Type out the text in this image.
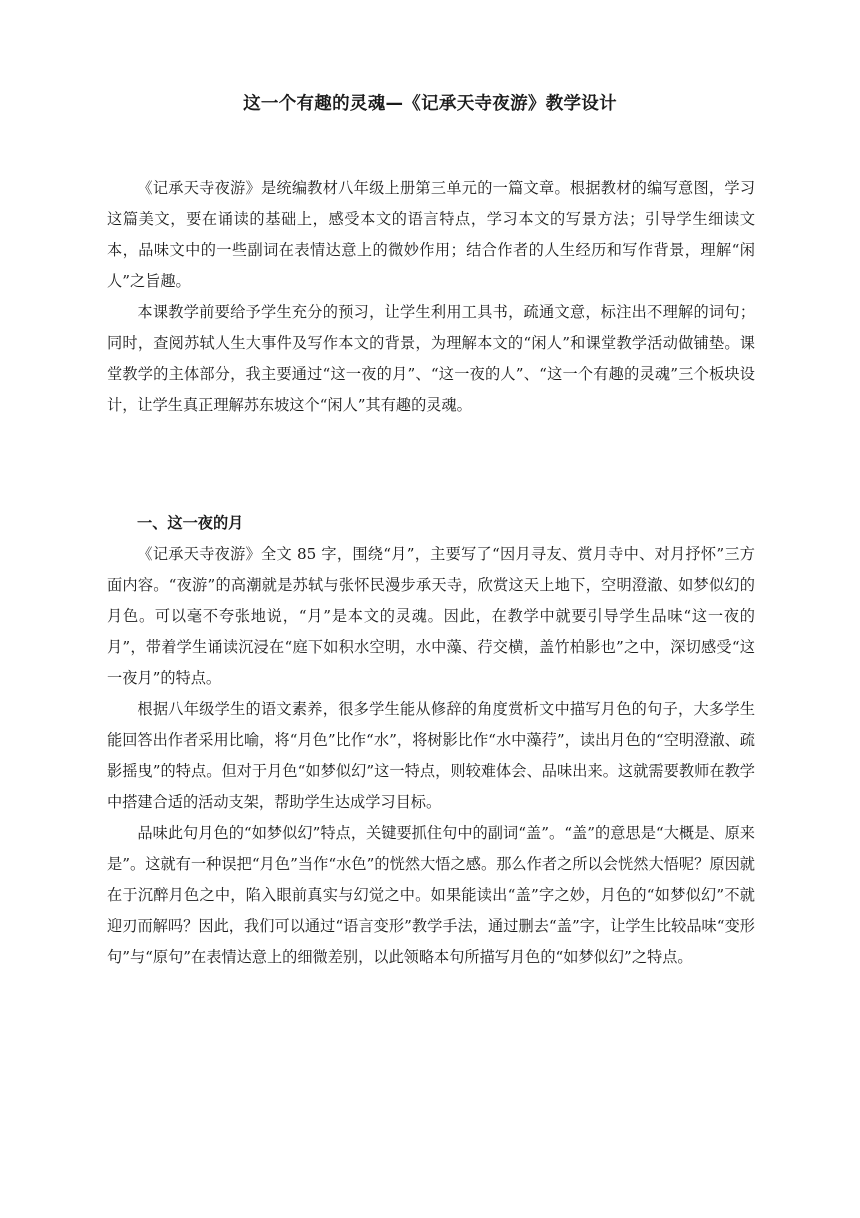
这一个有趣的灵魂—《记承天寺夜游》教学设计

《记承天寺夜游》是统编教材八年级上册第三单元的一篇文章。根据教材的编写意图，学习这篇美文，要在诵读的基础上，感受本文的语言特点，学习本文的写景方法；引导学生细读文本，品味文中的一些副词在表情达意上的微妙作用；结合作者的人生经历和写作背景，理解“闲人”之旨趣。

本课教学前要给予学生充分的预习，让学生利用工具书，疏通文意，标注出不理解的词句；同时，查阅苏轼人生大事件及写作本文的背景，为理解本文的“闲人”和课堂教学活动做铺垫。课堂教学的主体部分，我主要通过“这一夜的月”、“这一夜的人”、“这一个有趣的灵魂”三个板块设计，让学生真正理解苏东坡这个“闲人”其有趣的灵魂。

一、这一夜的月

《记承天寺夜游》全文 85 字，围绕“月”，主要写了“因月寻友、赏月寺中、对月抒怀”三方面内容。“夜游”的高潮就是苏轼与张怀民漫步承天寺，欣赏这天上地下，空明澄澈、如梦似幻的月色。可以毫不夸张地说，“月”是本文的灵魂。因此，在教学中就要引导学生品味“这一夜的月”，带着学生诵读沉浸在“庭下如积水空明，水中藻、荇交横，盖竹柏影也”之中，深切感受“这一夜月”的特点。

根据八年级学生的语文素养，很多学生能从修辞的角度赏析文中描写月色的句子，大多学生能回答出作者采用比喻，将“月色”比作“水”，将树影比作“水中藻荇”，读出月色的“空明澄澈、疏影摇曳”的特点。但对于月色“如梦似幻”这一特点，则较难体会、品味出来。这就需要教师在教学中搭建合适的活动支架，帮助学生达成学习目标。

品味此句月色的“如梦似幻”特点，关键要抓住句中的副词“盖”。“盖”的意思是“大概是、原来是”。这就有一种误把“月色”当作“水色”的恍然大悟之感。那么作者之所以会恍然大悟呢？原因就在于沉醉月色之中，陷入眼前真实与幻觉之中。如果能读出“盖”字之妙，月色的“如梦似幻”不就迎刃而解吗？因此，我们可以通过“语言变形”教学手法，通过删去“盖”字，让学生比较品味“变形句”与“原句”在表情达意上的细微差别，以此领略本句所描写月色的“如梦似幻”之特点。
